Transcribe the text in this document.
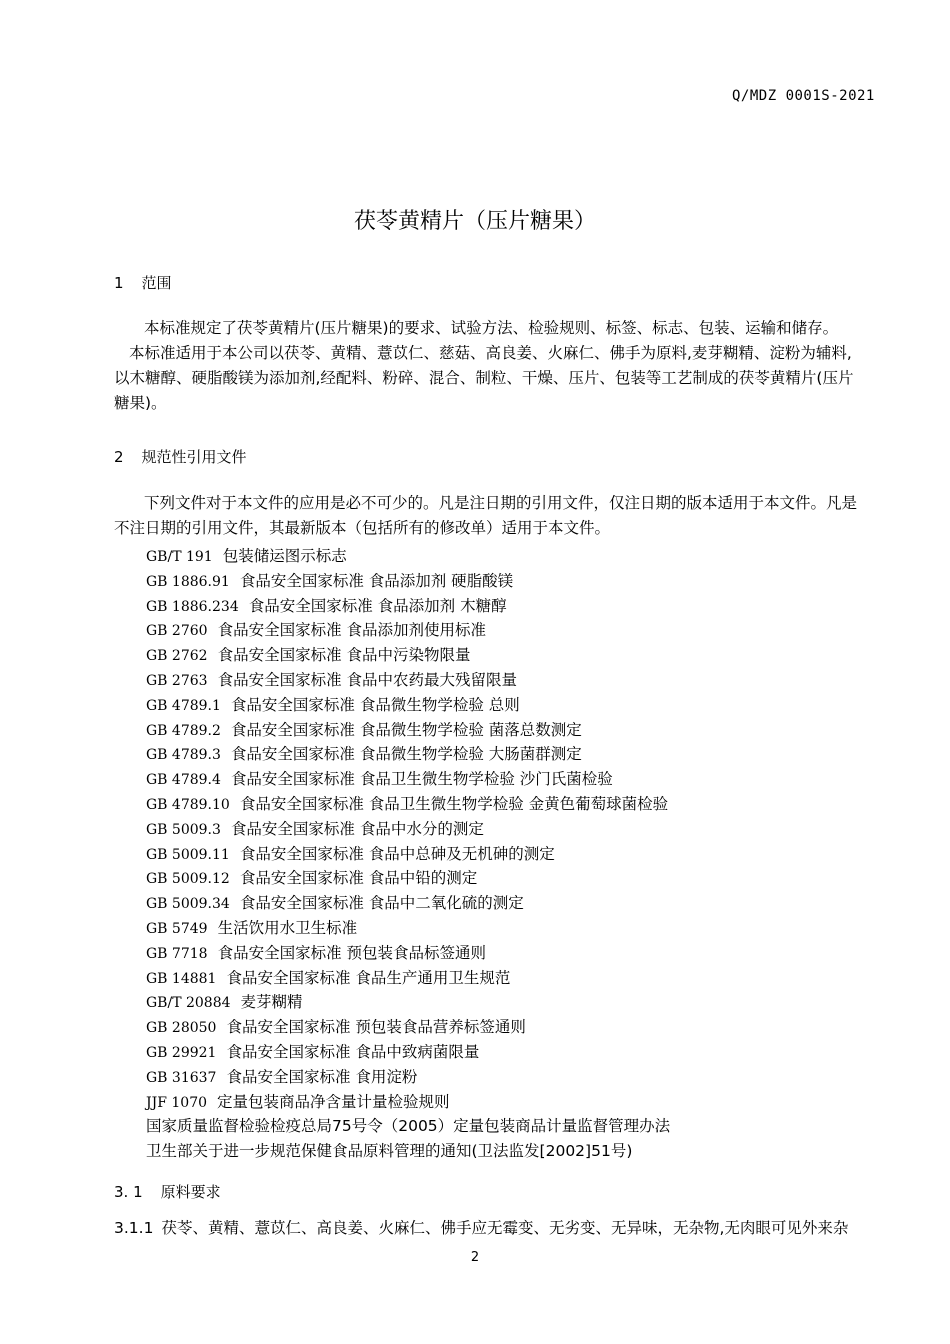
Q/MDZ 0001S-2021
茯苓黄精片（压片糖果）
1 范围
本标准规定了茯苓黄精片(压片糖果)的要求、试验方法、检验规则、标签、标志、包装、运输和储存。
本标准适用于本公司以茯苓、黄精、薏苡仁、慈菇、高良姜、火麻仁、佛手为原料,麦芽糊精、淀粉为辅料,以木糖醇、硬脂酸镁为添加剂,经配料、粉碎、混合、制粒、干燥、压片、包装等工艺制成的茯苓黄精片(压片糖果)。
2 规范性引用文件
下列文件对于本文件的应用是必不可少的。凡是注日期的引用文件，仅注日期的版本适用于本文件。凡是不注日期的引用文件，其最新版本（包括所有的修改单）适用于本文件。
GB/T 191 包装储运图示标志
GB 1886.91 食品安全国家标准 食品添加剂 硬脂酸镁
GB 1886.234 食品安全国家标准 食品添加剂 木糖醇
GB 2760 食品安全国家标准 食品添加剂使用标准
GB 2762 食品安全国家标准 食品中污染物限量
GB 2763 食品安全国家标准 食品中农药最大残留限量
GB 4789.1 食品安全国家标准 食品微生物学检验 总则
GB 4789.2 食品安全国家标准 食品微生物学检验 菌落总数测定
GB 4789.3 食品安全国家标准 食品微生物学检验 大肠菌群测定
GB 4789.4 食品安全国家标准 食品卫生微生物学检验 沙门氏菌检验
GB 4789.10 食品安全国家标准 食品卫生微生物学检验 金黄色葡萄球菌检验
GB 5009.3 食品安全国家标准 食品中水分的测定
GB 5009.11 食品安全国家标准 食品中总砷及无机砷的测定
GB 5009.12 食品安全国家标准 食品中铅的测定
GB 5009.34 食品安全国家标准 食品中二氧化硫的测定
GB 5749 生活饮用水卫生标准
GB 7718 食品安全国家标准 预包装食品标签通则
GB 14881 食品安全国家标准 食品生产通用卫生规范
GB/T 20884 麦芽糊精
GB 28050 食品安全国家标准 预包装食品营养标签通则
GB 29921 食品安全国家标准 食品中致病菌限量
GB 31637 食品安全国家标准 食用淀粉
JJF 1070 定量包装商品净含量计量检验规则
国家质量监督检验检疫总局75号令（2005）定量包装商品计量监督管理办法
卫生部关于进一步规范保健食品原料管理的通知(卫法监发[2002]51号)
3. 1 原料要求
3.1.1 茯苓、黄精、薏苡仁、高良姜、火麻仁、佛手应无霉变、无劣变、无异味，无杂物,无肉眼可见外来杂
2
